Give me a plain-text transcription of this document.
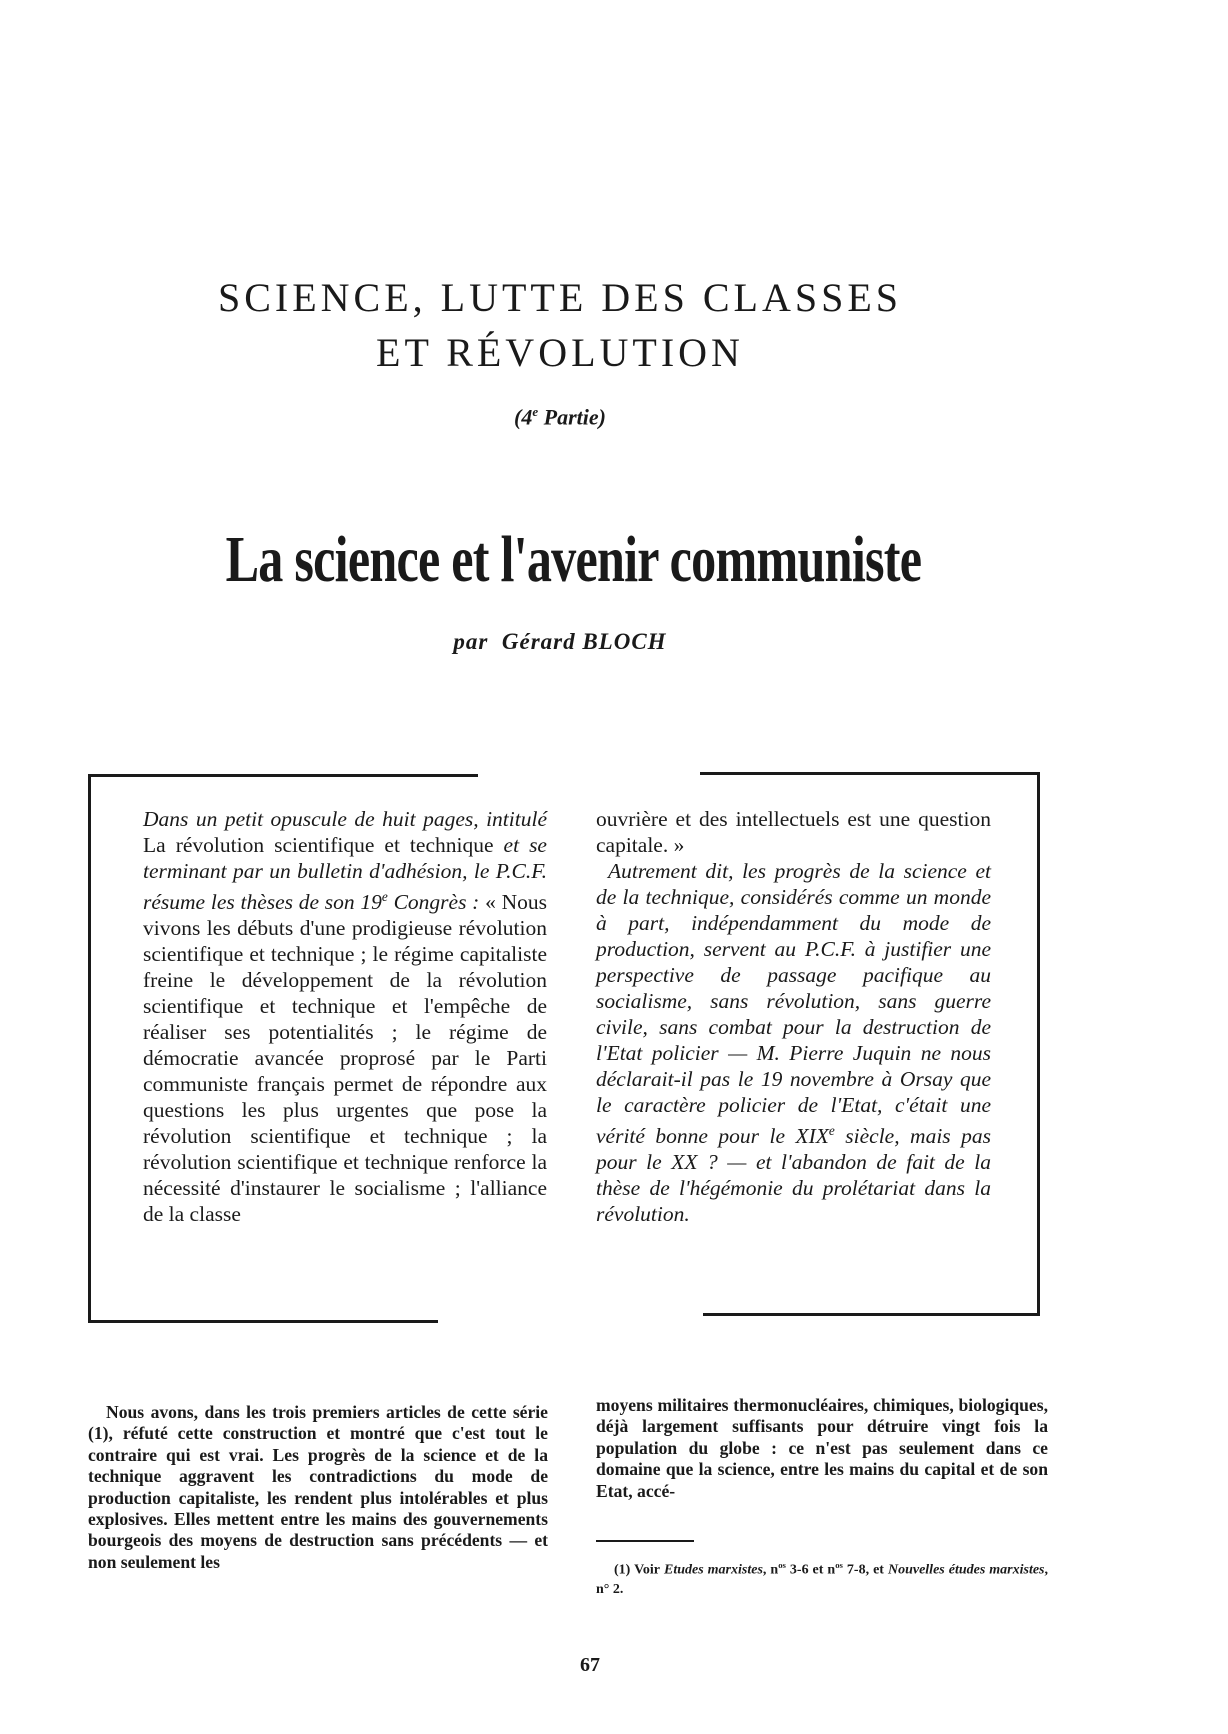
SCIENCE, LUTTE DES CLASSES
ET RÉVOLUTION
(4e Partie)
La science et l'avenir communiste
par Gérard BLOCH

Dans un petit opuscule de huit pages, intitulé La révolution scientifique et technique et se terminant par un bulletin d'adhésion, le P.C.F. résume les thèses de son 19e Congrès : « Nous vivons les débuts d'une prodigieuse révolution scientifique et technique ; le régime capitaliste freine le développement de la révolution scientifique et technique et l'empêche de réaliser ses potentialités ; le régime de démocratie avancée proprosé par le Parti communiste français permet de répondre aux questions les plus urgentes que pose la révolution scientifique et technique ; la révolution scientifique et technique renforce la nécessité d'instaurer le socialisme ; l'alliance de la classe

ouvrière et des intellectuels est une question capitale. »

Autrement dit, les progrès de la science et de la technique, considérés comme un monde à part, indépendamment du mode de production, servent au P.C.F. à justifier une perspective de passage pacifique au socialisme, sans révolution, sans guerre civile, sans combat pour la destruction de l'Etat policier — M. Pierre Juquin ne nous déclarait-il pas le 19 novembre à Orsay que le caractère policier de l'Etat, c'était une vérité bonne pour le XIXe siècle, mais pas pour le XX ? — et l'abandon de fait de la thèse de l'hégémonie du prolétariat dans la révolution.

Nous avons, dans les trois premiers articles de cette série (1), réfuté cette construction et montré que c'est tout le contraire qui est vrai. Les progrès de la science et de la technique aggravent les contradictions du mode de production capitaliste, les rendent plus intolérables et plus explosives. Elles mettent entre les mains des gouvernements bourgeois des moyens de destruction sans précédents — et non seulement les

moyens militaires thermonucléaires, chimiques, biologiques, déjà largement suffisants pour détruire vingt fois la population du globe : ce n'est pas seulement dans ce domaine que la science, entre les mains du capital et de son Etat, accé-

(1) Voir Etudes marxistes, $n^{os}$ 3-6 et $n^{os}$ 7-8, et Nouvelles études marxistes, n° 2.
67
